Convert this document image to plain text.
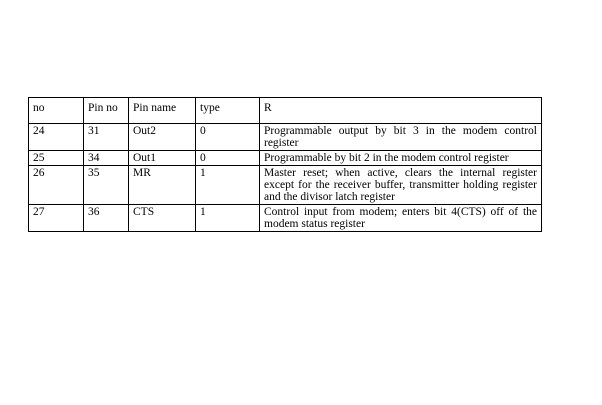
no	Pin no	Pin name	type	R
24	31	Out2	0	Programmable output by bit 3 in the modem control register
25	34	Out1	0	Programmable by bit 2 in the modem control register
26	35	MR	1	Master reset; when active, clears the internal register except for the receiver buffer, transmitter holding register and the divisor latch register
27	36	CTS	1	Control input from modem; enters bit 4(CTS) off of the modem status register
